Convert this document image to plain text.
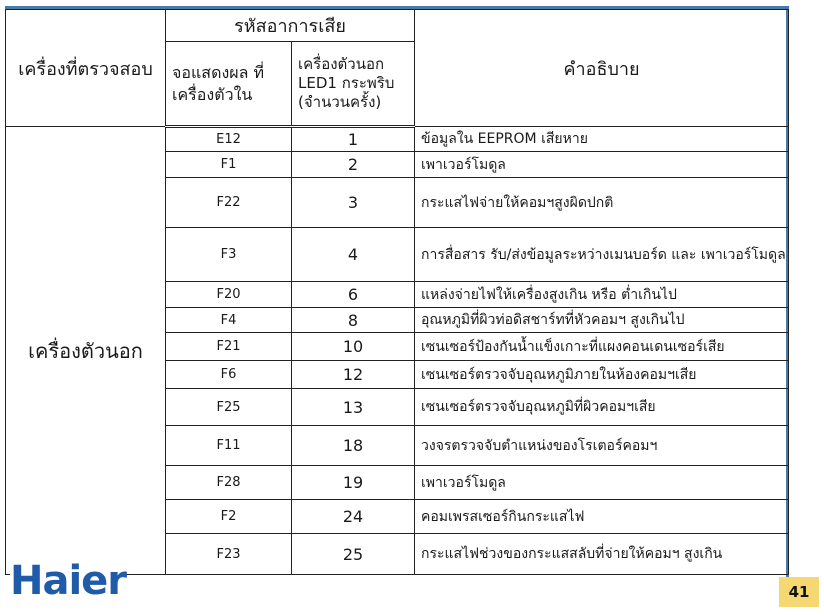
เครื่องที่ตรวจสอบ	รหัสอาการเสีย		คำอธิบาย
	จอแสดงผล ที่เครื่องตัวใน	เครื่องตัวนอก LED1 กระพริบ (จำนวนครั้ง)	
เครื่องตัวนอก	E12	1	ข้อมูลใน EEPROM เสียหาย
	F1	2	เพาเวอร์โมดูล
	F22	3	กระแสไฟจ่ายให้คอมฯสูงผิดปกติ
	F3	4	การสื่อสาร รับ/ส่งข้อมูลระหว่างเมนบอร์ด และ เพาเวอร์โมดูล
	F20	6	แหล่งจ่ายไฟให้เครื่องสูงเกิน หรือ ต่ำเกินไป
	F4	8	อุณหภูมิที่ผิวท่อดิสชาร์ทที่หัวคอมฯ สูงเกินไป
	F21	10	เซนเซอร์ป้องกันน้ำแข็งเกาะที่แผงคอนเดนเซอร์เสีย
	F6	12	เซนเซอร์ตรวจจับอุณหภูมิภายในห้องคอมฯเสีย
	F25	13	เซนเซอร์ตรวจจับอุณหภูมิที่ผิวคอมฯเสีย
	F11	18	วงจรตรวจจับตำแหน่งของโรเตอร์คอมฯ
	F28	19	เพาเวอร์โมดูล
	F2	24	คอมเพรสเซอร์กินกระแสไฟ
	F23	25	กระแสไฟช่วงของกระแสสลับที่จ่ายให้คอมฯ สูงเกิน
Haier	41
